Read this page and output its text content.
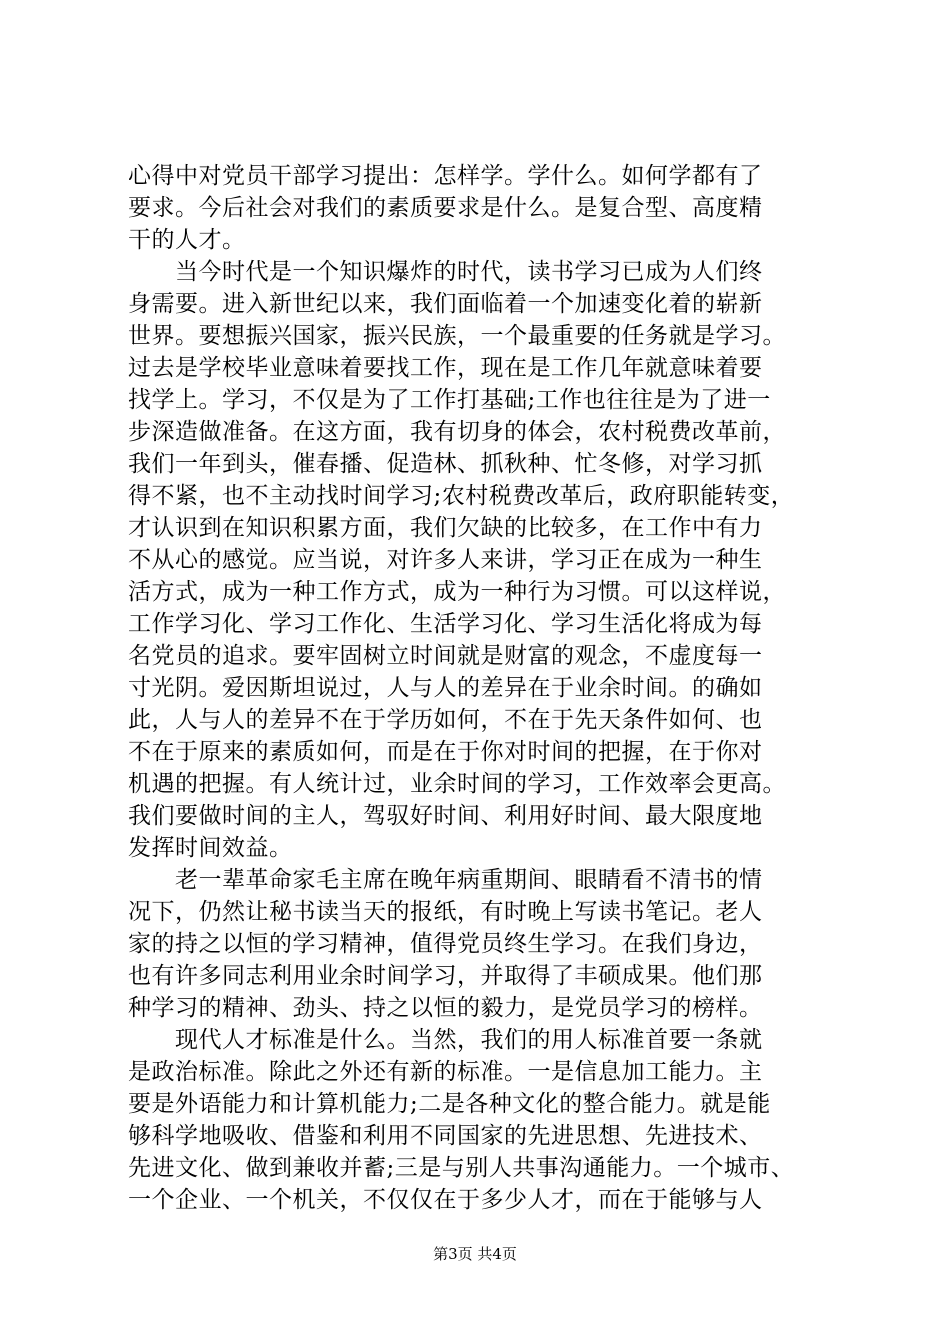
心得中对党员干部学习提出：怎样学。学什么。如何学都有了
要求。今后社会对我们的素质要求是什么。是复合型、高度精
干的人才。
　　当今时代是一个知识爆炸的时代，读书学习已成为人们终
身需要。进入新世纪以来，我们面临着一个加速变化着的崭新
世界。要想振兴国家，振兴民族，一个最重要的任务就是学习。
过去是学校毕业意味着要找工作，现在是工作几年就意味着要
找学上。学习，不仅是为了工作打基础;工作也往往是为了进一
步深造做准备。在这方面，我有切身的体会，农村税费改革前，
我们一年到头，催春播、促造林、抓秋种、忙冬修，对学习抓
得不紧，也不主动找时间学习;农村税费改革后，政府职能转变，
才认识到在知识积累方面，我们欠缺的比较多，在工作中有力
不从心的感觉。应当说，对许多人来讲，学习正在成为一种生
活方式，成为一种工作方式，成为一种行为习惯。可以这样说，
工作学习化、学习工作化、生活学习化、学习生活化将成为每
名党员的追求。要牢固树立时间就是财富的观念，不虚度每一
寸光阴。爱因斯坦说过，人与人的差异在于业余时间。的确如
此，人与人的差异不在于学历如何，不在于先天条件如何、也
不在于原来的素质如何，而是在于你对时间的把握，在于你对
机遇的把握。有人统计过，业余时间的学习，工作效率会更高。
我们要做时间的主人，驾驭好时间、利用好时间、最大限度地
发挥时间效益。
　　老一辈革命家毛主席在晚年病重期间、眼睛看不清书的情
况下，仍然让秘书读当天的报纸，有时晚上写读书笔记。老人
家的持之以恒的学习精神，值得党员终生学习。在我们身边，
也有许多同志利用业余时间学习，并取得了丰硕成果。他们那
种学习的精神、劲头、持之以恒的毅力，是党员学习的榜样。
　　现代人才标准是什么。当然，我们的用人标准首要一条就
是政治标准。除此之外还有新的标准。一是信息加工能力。主
要是外语能力和计算机能力;二是各种文化的整合能力。就是能
够科学地吸收、借鉴和利用不同国家的先进思想、先进技术、
先进文化、做到兼收并蓄;三是与别人共事沟通能力。一个城市、
一个企业、一个机关，不仅仅在于多少人才，而在于能够与人
第3页 共4页
